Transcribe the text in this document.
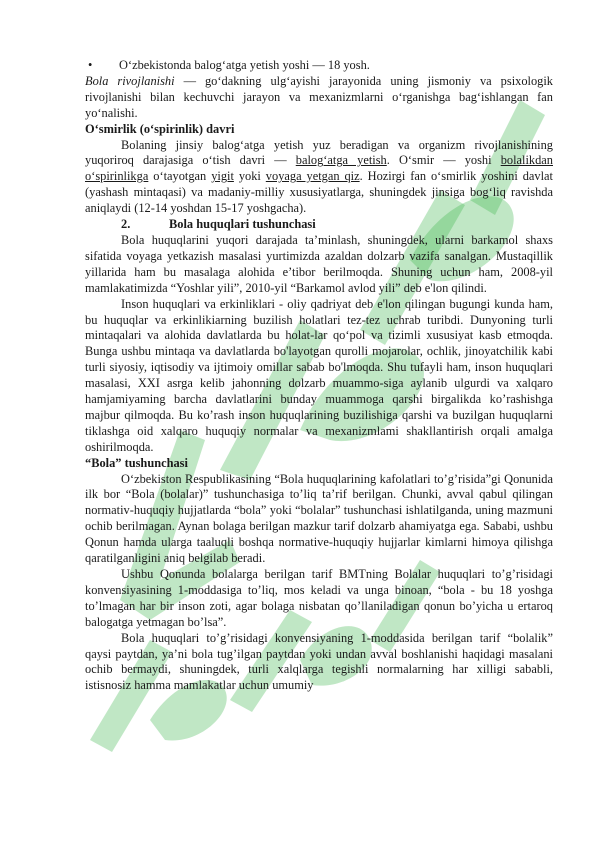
•	O‘zbekistonda balog‘atga yetish yoshi — 18 yosh.

Bola rivojlanishi — go‘dakning ulg‘ayishi jarayonida uning jismoniy va psixologik rivojlanishi bilan kechuvchi jarayon va mexanizmlarni o‘rganishga bag‘ishlangan fan yo‘nalishi.

O‘smirlik (o‘spirinlik) davri

Bolaning jinsiy balog‘atga yetish yuz beradigan va organizm rivojlanishining yuqoriroq darajasiga o‘tish davri — balog‘atga yetish. O‘smir — yoshi bolalikdan o‘spirinlikga o‘tayotgan yigit yoki voyaga yetgan qiz. Hozirgi fan o‘smirlik yoshini davlat (yashash mintaqasi) va madaniy-milliy xususiyatlarga, shuningdek jinsiga bog‘liq ravishda aniqlaydi (12-14 yoshdan 15-17 yoshgacha).

2.	Bola huquqlari tushunchasi

Bola huquqlarini yuqori darajada ta’minlash, shuningdek, ularni barkamol shaxs sifatida voyaga yetkazish masalasi yurtimizda azaldan dolzarb vazifa sanalgan. Mustaqillik yillarida ham bu masalaga alohida e’tibor berilmoqda. Shuning uchun ham, 2008-yil mamlakatimizda “Yoshlar yili”, 2010-yil “Barkamol avlod yili” deb e'lon qilindi.

Inson huquqlari va erkinliklari - oliy qadriyat deb e'lon qilingan bugungi kunda ham, bu huquqlar va erkinlikiarning buzilish holatlari tez-tez uchrab turibdi. Dunyoning turli mintaqalari va alohida davlatlarda bu holat-lar qo‘pol va tizimli xususiyat kasb etmoqda. Bunga ushbu mintaqa va davlatlarda bo'layotgan qurolli mojarolar, ochlik, jinoyatchilik kabi turli siyosiy, iqtisodiy va ijtimoiy omillar sabab bo'lmoqda. Shu tufayli ham, inson huquqlari masalasi, XXI asrga kelib jahonning dolzarb muammo-siga aylanib ulgurdi va xalqaro hamjamiyaming barcha davlatlarini bunday muammoga qarshi birgalikda ko’rashishga majbur qilmoqda. Bu ko’rash inson huquqlarining buzilishiga qarshi va buzilgan huquqlarni tiklashga oid xalqaro huquqiy normalar va mexanizmlami shakllantirish orqali amalga oshirilmoqda.

“Bola” tushunchasi

O‘zbekiston Respublikasining “Bola huquqlarining kafolatlari to’g’risida”gi Qonunida ilk bor “Bola (bolalar)” tushunchasiga to’liq ta’rif berilgan. Chunki, avval qabul qilingan normativ-huquqiy hujjatlarda “bola” yoki “bolalar” tushunchasi ishlatilganda, uning mazmuni ochib berilmagan. Aynan bolaga berilgan mazkur tarif dolzarb ahamiyatga ega. Sababi, ushbu Qonun hamda ularga taaluqli boshqa normative-huquqiy hujjarlar kimlarni himoya qilishga qaratilganligini aniq belgilab beradi.

Ushbu Qonunda bolalarga berilgan tarif BMTning Bolalar huquqlari to’g’risidagi konvensiyasining 1-moddasiga to’liq, mos keladi va unga binoan, “bola - bu 18 yoshga to’lmagan har bir inson zoti, agar bolaga nisbatan qo’llaniladigan qonun bo’yicha u ertaroq balogatga yetmagan bo’lsa”.

Bola huquqlari to’g’risidagi konvensiyaning 1-moddasida berilgan tarif “bolalik” qaysi paytdan, ya’ni bola tug’ilgan paytdan yoki undan avval boshlanishi haqidagi masalani ochib bermaydi, shuningdek, turli xalqlarga tegishli normalarning har xilligi sababli, istisnosiz hamma mamlakatlar uchun umumiy
